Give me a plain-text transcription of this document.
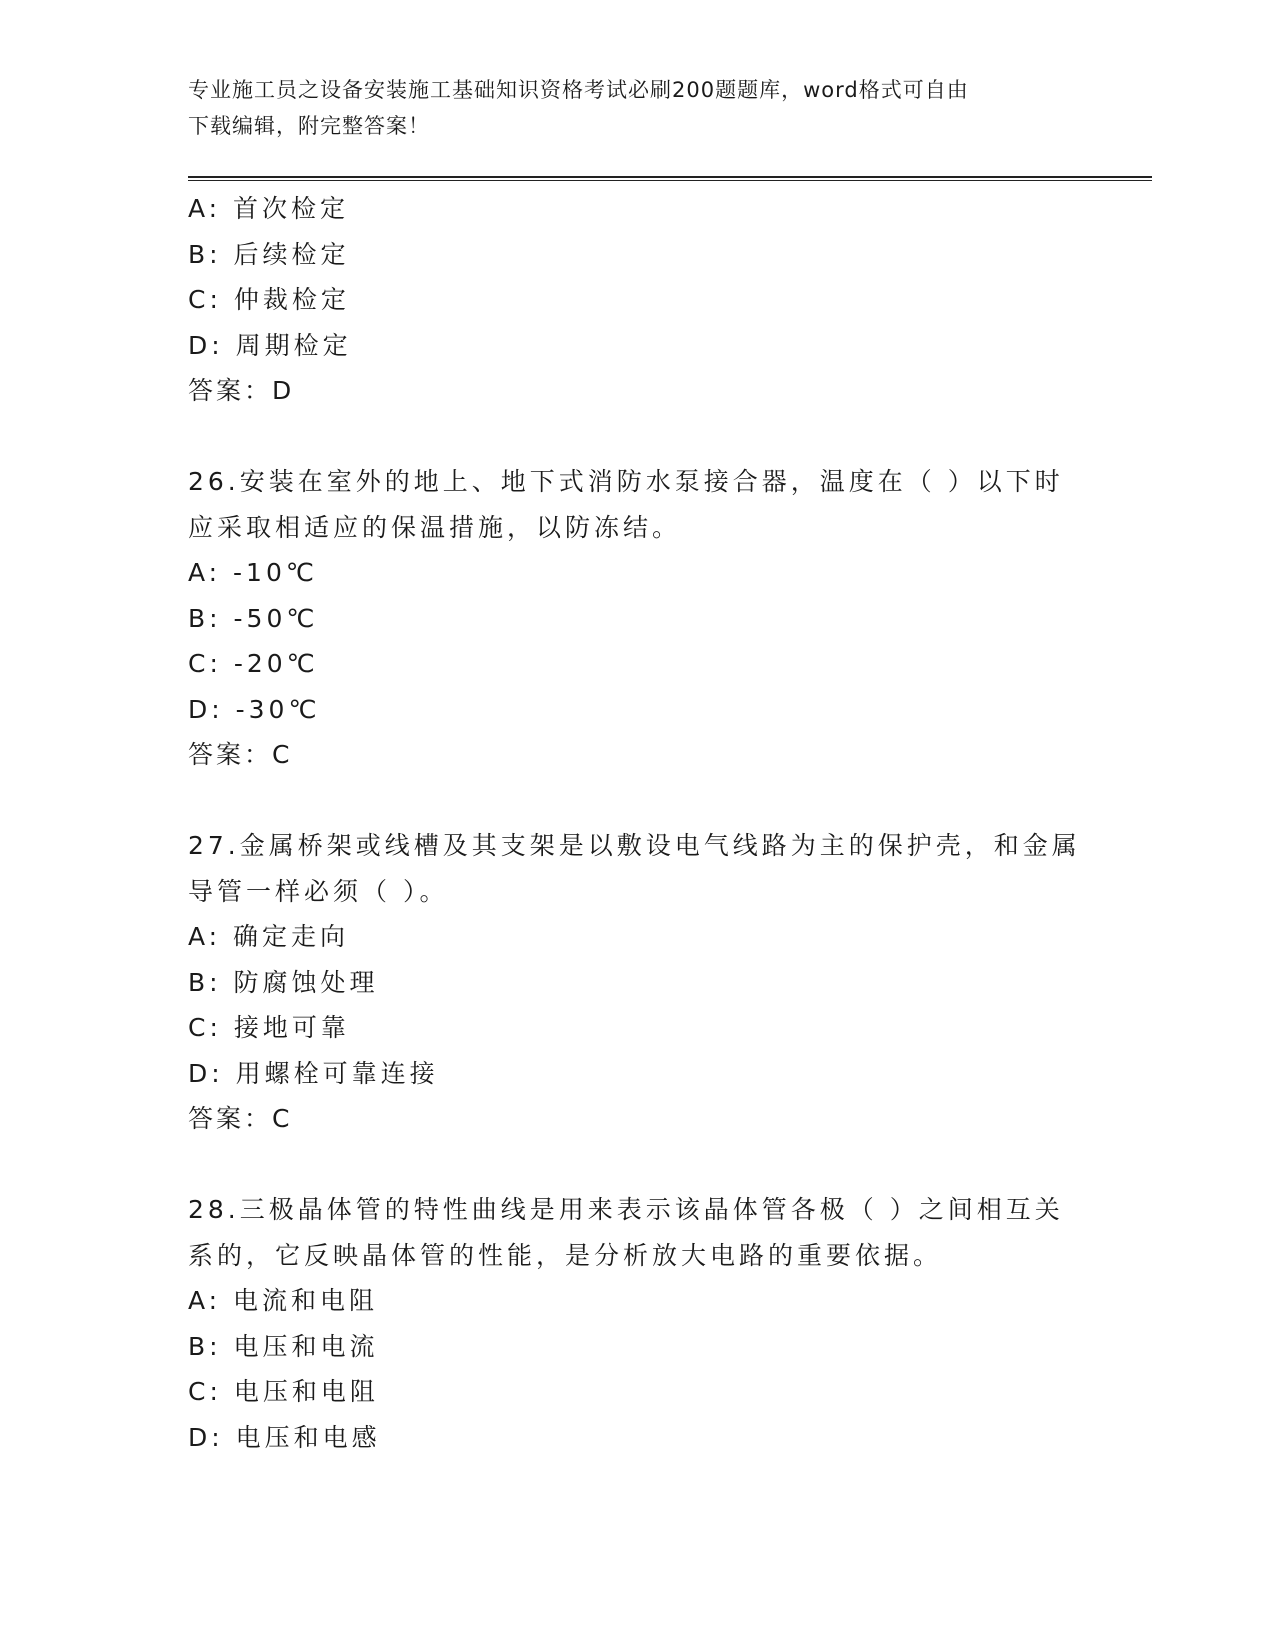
专业施工员之设备安装施工基础知识资格考试必刷200题题库，word格式可自由
下载编辑，附完整答案！
A: 首次检定
B: 后续检定
C: 仲裁检定
D: 周期检定
答案：D
26.安装在室外的地上、地下式消防水泵接合器，温度在（ ）以下时
应采取相适应的保温措施，以防冻结。
A: -10℃
B: -50℃
C: -20℃
D: -30℃
答案：C
27.金属桥架或线槽及其支架是以敷设电气线路为主的保护壳，和金属
导管一样必须（ ）。
A: 确定走向
B: 防腐蚀处理
C: 接地可靠
D: 用螺栓可靠连接
答案：C
28.三极晶体管的特性曲线是用来表示该晶体管各极（ ）之间相互关
系的，它反映晶体管的性能，是分析放大电路的重要依据。
A: 电流和电阻
B: 电压和电流
C: 电压和电阻
D: 电压和电感
